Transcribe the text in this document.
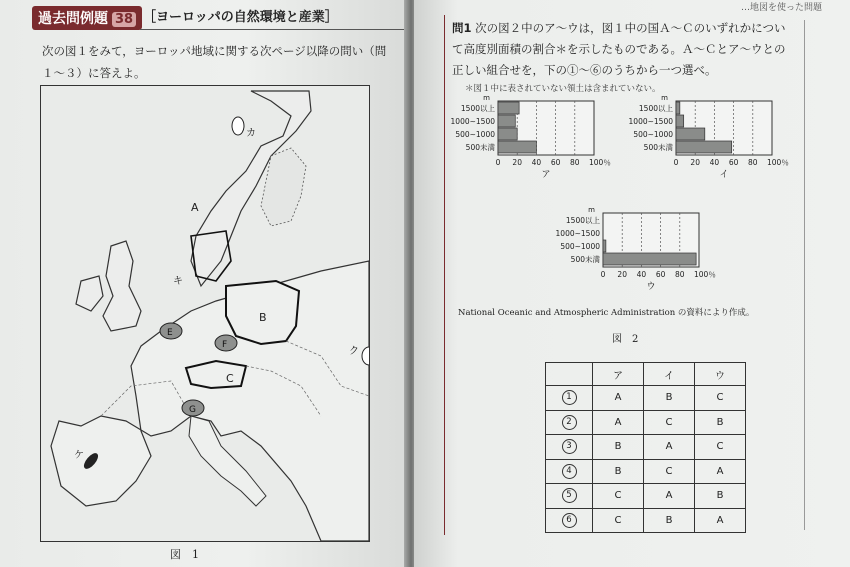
過去問例題 38 ［ヨーロッパの自然環境と産業］
次の図１をみて，ヨーロッパ地域に関する次ページ以降の問い（問１～３）に答えよ。
A
B
C
E
F
G
カ
キ
ク
ケ
図　1
…地図を使った問題
問1 次の図２中のア～ウは，図１中の国Ａ～Ｃのいずれかについて高度別面積の割合＊を示したものである。Ａ～Ｃとア～ウとの正しい組合せを，下の①～⑥のうちから一つ選べ。
＊図１中に表されていない領土は含まれていない。
m
1500以上
1000~1500
500~1000
500未満
0 20 40 60 80 100％
ア
m
1500以上
1000~1500
500~1000
500未満
0 20 40 60 80 100％
イ
m
1500以上
1000~1500
500~1000
500未満
0 20 40 60 80 100％
ウ
National Oceanic and Atmospheric Administration の資料により作成。
図　2
	ア	イ	ウ
1	A	B	C
2	A	C	B
3	B	A	C
4	B	C	A
5	C	A	B
6	C	B	A
